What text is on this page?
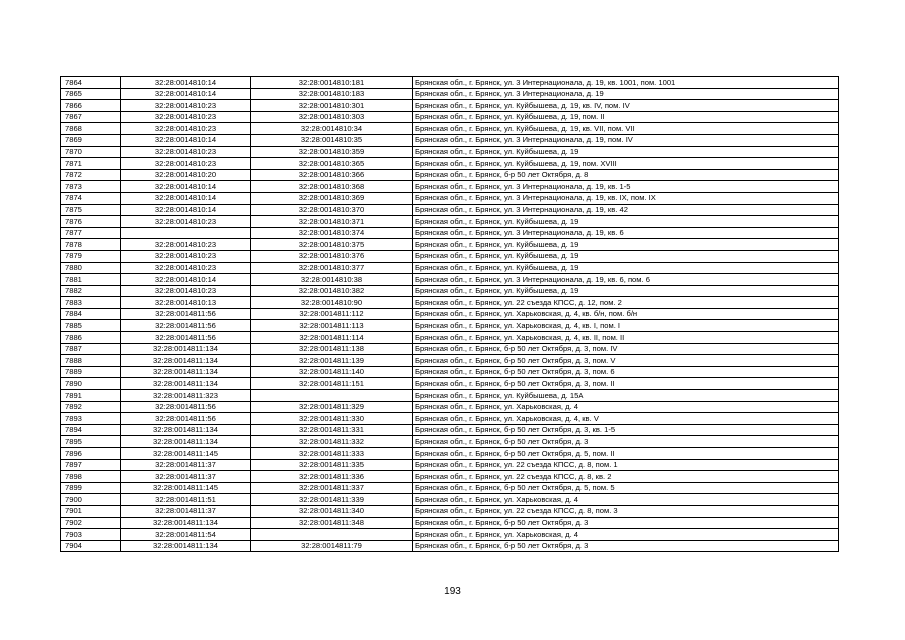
7864	32:28:0014810:14	32:28:0014810:181	Брянская обл., г. Брянск, ул. 3 Интернационала, д. 19, кв. 1001, пом. 1001
7865	32:28:0014810:14	32:28:0014810:183	Брянская обл., г. Брянск, ул. 3 Интернационала, д. 19
7866	32:28:0014810:23	32:28:0014810:301	Брянская обл., г. Брянск, ул. Куйбышева, д. 19, кв. IV, пом. IV
7867	32:28:0014810:23	32:28:0014810:303	Брянская обл., г. Брянск, ул. Куйбышева, д. 19, пом. II
7868	32:28:0014810:23	32:28:0014810:34	Брянская обл., г. Брянск, ул. Куйбышева, д. 19, кв. VII, пом. VII
7869	32:28:0014810:14	32:28:0014810:35	Брянская обл., г. Брянск, ул. 3 Интернационала, д. 19, пом. IV
7870	32:28:0014810:23	32:28:0014810:359	Брянская обл., г. Брянск, ул. Куйбышева, д. 19
7871	32:28:0014810:23	32:28:0014810:365	Брянская обл., г. Брянск, ул. Куйбышева, д. 19, пом. XVIII
7872	32:28:0014810:20	32:28:0014810:366	Брянская обл., г. Брянск, б-р 50 лет Октября, д. 8
7873	32:28:0014810:14	32:28:0014810:368	Брянская обл., г. Брянск, ул. 3 Интернационала, д. 19, кв. 1-5
7874	32:28:0014810:14	32:28:0014810:369	Брянская обл., г. Брянск, ул. 3 Интернационала, д. 19, кв. IX, пом. IX
7875	32:28:0014810:14	32:28:0014810:370	Брянская обл., г. Брянск, ул. 3 Интернационала, д. 19, кв. 42
7876	32:28:0014810:23	32:28:0014810:371	Брянская обл., г. Брянск, ул. Куйбышева, д. 19
7877		32:28:0014810:374	Брянская обл., г. Брянск, ул. 3 Интернационала, д. 19, кв. 6
7878	32:28:0014810:23	32:28:0014810:375	Брянская обл., г. Брянск, ул. Куйбышева, д. 19
7879	32:28:0014810:23	32:28:0014810:376	Брянская обл., г. Брянск, ул. Куйбышева, д. 19
7880	32:28:0014810:23	32:28:0014810:377	Брянская обл., г. Брянск, ул. Куйбышева, д. 19
7881	32:28:0014810:14	32:28:0014810:38	Брянская обл., г. Брянск, ул. 3 Интернационала, д. 19, кв. 6, пом. 6
7882	32:28:0014810:23	32:28:0014810:382	Брянская обл., г. Брянск, ул. Куйбышева, д. 19
7883	32:28:0014810:13	32:28:0014810:90	Брянская обл., г. Брянск, ул. 22 съезда КПСС, д. 12, пом. 2
7884	32:28:0014811:56	32:28:0014811:112	Брянская обл., г. Брянск, ул. Харьковская, д. 4, кв. б/н, пом. б/н
7885	32:28:0014811:56	32:28:0014811:113	Брянская обл., г. Брянск, ул. Харьковская, д. 4, кв. I, пом. I
7886	32:28:0014811:56	32:28:0014811:114	Брянская обл., г. Брянск, ул. Харьковская, д. 4, кв. II, пом. II
7887	32:28:0014811:134	32:28:0014811:138	Брянская обл., г. Брянск, б-р 50 лет Октября, д. 3, пом. IV
7888	32:28:0014811:134	32:28:0014811:139	Брянская обл., г. Брянск, б-р 50 лет Октября, д. 3, пом. V
7889	32:28:0014811:134	32:28:0014811:140	Брянская обл., г. Брянск, б-р 50 лет Октября, д. 3, пом. 6
7890	32:28:0014811:134	32:28:0014811:151	Брянская обл., г. Брянск, б-р 50 лет Октября, д. 3, пом. II
7891	32:28:0014811:323		Брянская обл., г. Брянск, ул. Куйбышева, д. 15А
7892	32:28:0014811:56	32:28:0014811:329	Брянская обл., г. Брянск, ул. Харьковская, д. 4
7893	32:28:0014811:56	32:28:0014811:330	Брянская обл., г. Брянск, ул. Харьковская, д. 4, кв. V
7894	32:28:0014811:134	32:28:0014811:331	Брянская обл., г. Брянск, б-р 50 лет Октября, д. 3, кв. 1-5
7895	32:28:0014811:134	32:28:0014811:332	Брянская обл., г. Брянск, б-р 50 лет Октября, д. 3
7896	32:28:0014811:145	32:28:0014811:333	Брянская обл., г. Брянск, б-р 50 лет Октября, д. 5, пом. II
7897	32:28:0014811:37	32:28:0014811:335	Брянская обл., г. Брянск, ул. 22 съезда КПСС, д. 8, пом. 1
7898	32:28:0014811:37	32:28:0014811:336	Брянская обл., г. Брянск, ул. 22 съезда КПСС, д. 8, кв. 2
7899	32:28:0014811:145	32:28:0014811:337	Брянская обл., г. Брянск, б-р 50 лет Октября, д. 5, пом. 5
7900	32:28:0014811:51	32:28:0014811:339	Брянская обл., г. Брянск, ул. Харьковская, д. 4
7901	32:28:0014811:37	32:28:0014811:340	Брянская обл., г. Брянск, ул. 22 съезда КПСС, д. 8, пом. 3
7902	32:28:0014811:134	32:28:0014811:348	Брянская обл., г. Брянск, б-р 50 лет Октября, д. 3
7903	32:28:0014811:54		Брянская обл., г. Брянск, ул. Харьковская, д. 4
7904	32:28:0014811:134	32:28:0014811:79	Брянская обл., г. Брянск, б-р 50 лет Октября, д. 3
193
